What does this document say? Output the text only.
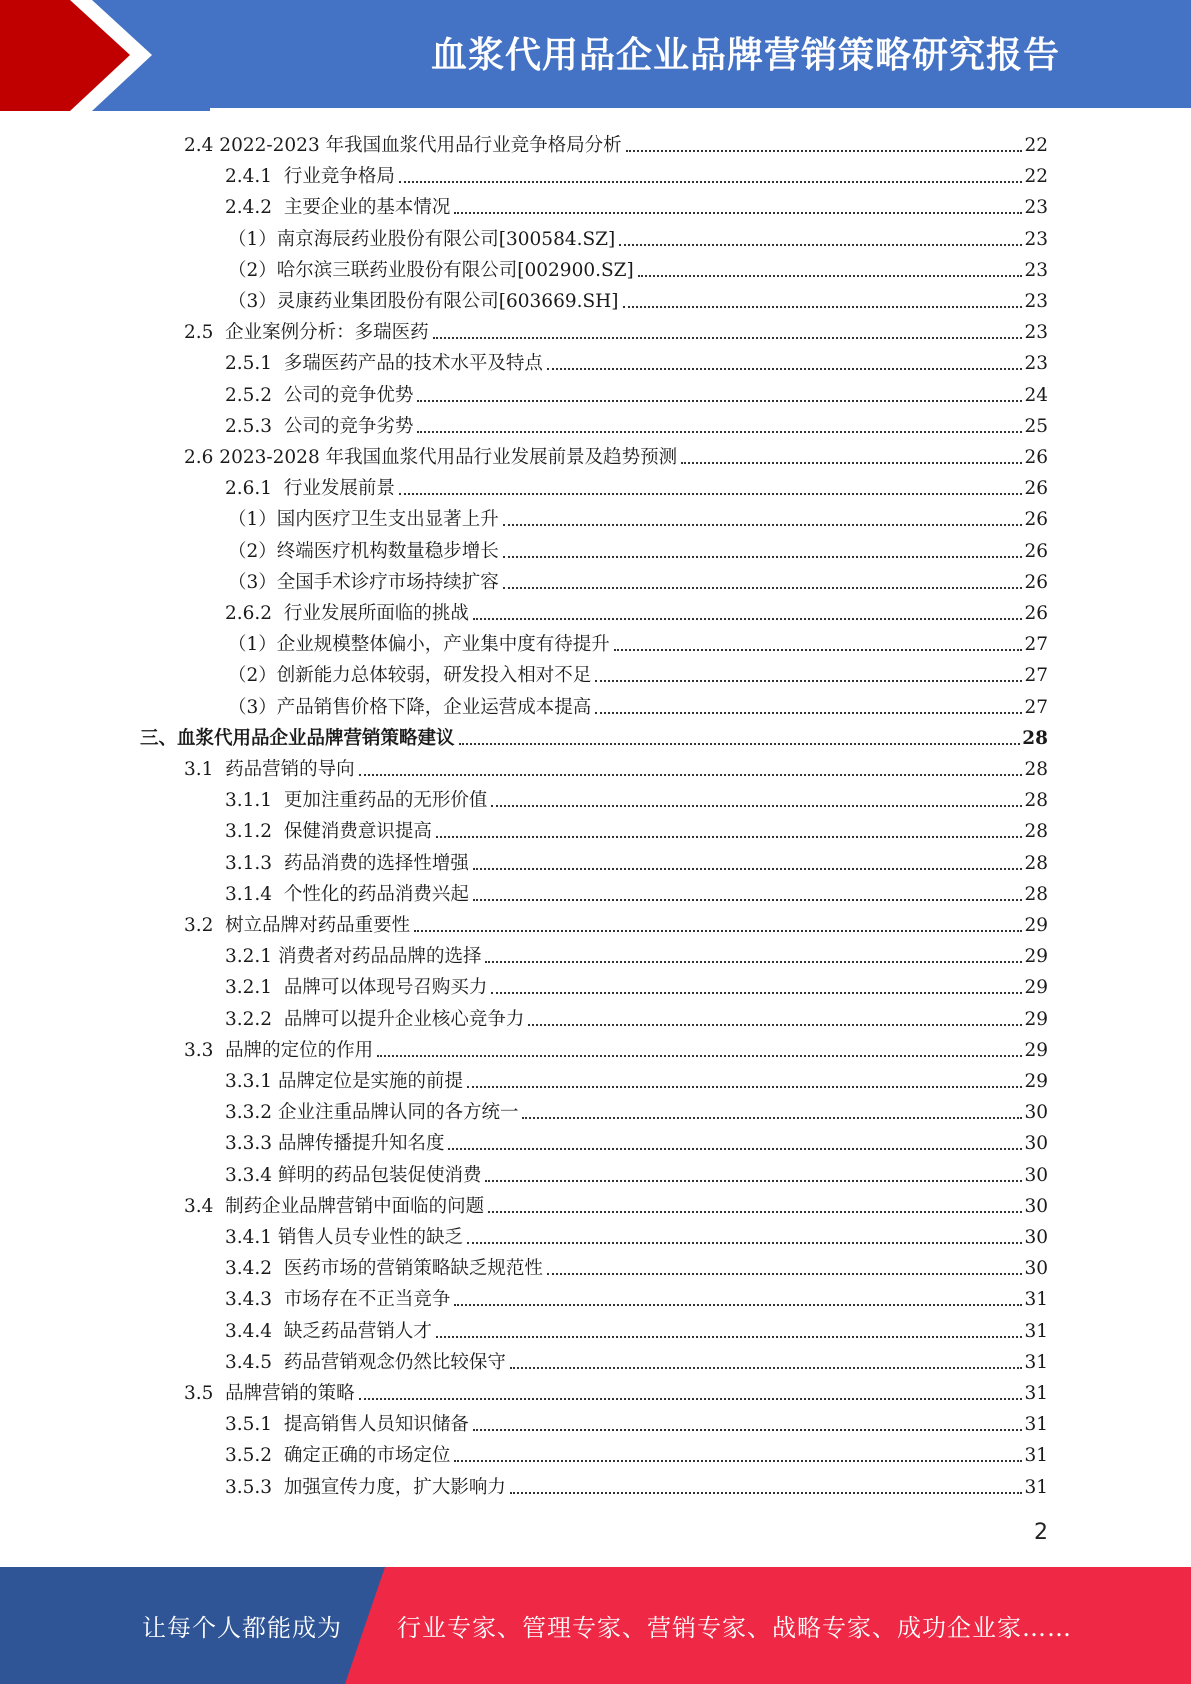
血浆代用品企业品牌营销策略研究报告
2.4 2022-2023 年我国血浆代用品行业竞争格局分析	22
2.4.1  行业竞争格局	22
2.4.2  主要企业的基本情况	23
（1）南京海辰药业股份有限公司[300584.SZ]	23
（2）哈尔滨三联药业股份有限公司[002900.SZ]	23
（3）灵康药业集团股份有限公司[603669.SH]	23
2.5  企业案例分析：多瑞医药	23
2.5.1  多瑞医药产品的技术水平及特点	23
2.5.2  公司的竞争优势	24
2.5.3  公司的竞争劣势	25
2.6 2023-2028 年我国血浆代用品行业发展前景及趋势预测	26
2.6.1  行业发展前景	26
（1）国内医疗卫生支出显著上升	26
（2）终端医疗机构数量稳步增长	26
（3）全国手术诊疗市场持续扩容	26
2.6.2  行业发展所面临的挑战	26
（1）企业规模整体偏小，产业集中度有待提升	27
（2）创新能力总体较弱，研发投入相对不足	27
（3）产品销售价格下降，企业运营成本提高	27
三、血浆代用品企业品牌营销策略建议	28
3.1  药品营销的导向	28
3.1.1  更加注重药品的无形价值	28
3.1.2  保健消费意识提高	28
3.1.3  药品消费的选择性增强	28
3.1.4  个性化的药品消费兴起	28
3.2  树立品牌对药品重要性	29
3.2.1 消费者对药品品牌的选择	29
3.2.1  品牌可以体现号召购买力	29
3.2.2  品牌可以提升企业核心竞争力	29
3.3  品牌的定位的作用	29
3.3.1 品牌定位是实施的前提	29
3.3.2 企业注重品牌认同的各方统一	30
3.3.3 品牌传播提升知名度	30
3.3.4 鲜明的药品包装促使消费	30
3.4  制药企业品牌营销中面临的问题	30
3.4.1 销售人员专业性的缺乏	30
3.4.2  医药市场的营销策略缺乏规范性	30
3.4.3  市场存在不正当竞争	31
3.4.4  缺乏药品营销人才	31
3.4.5  药品营销观念仍然比较保守	31
3.5  品牌营销的策略	31
3.5.1  提高销售人员知识储备	31
3.5.2  确定正确的市场定位	31
3.5.3  加强宣传力度，扩大影响力	31
2
让每个人都能成为 行业专家、管理专家、营销专家、战略专家、成功企业家……
